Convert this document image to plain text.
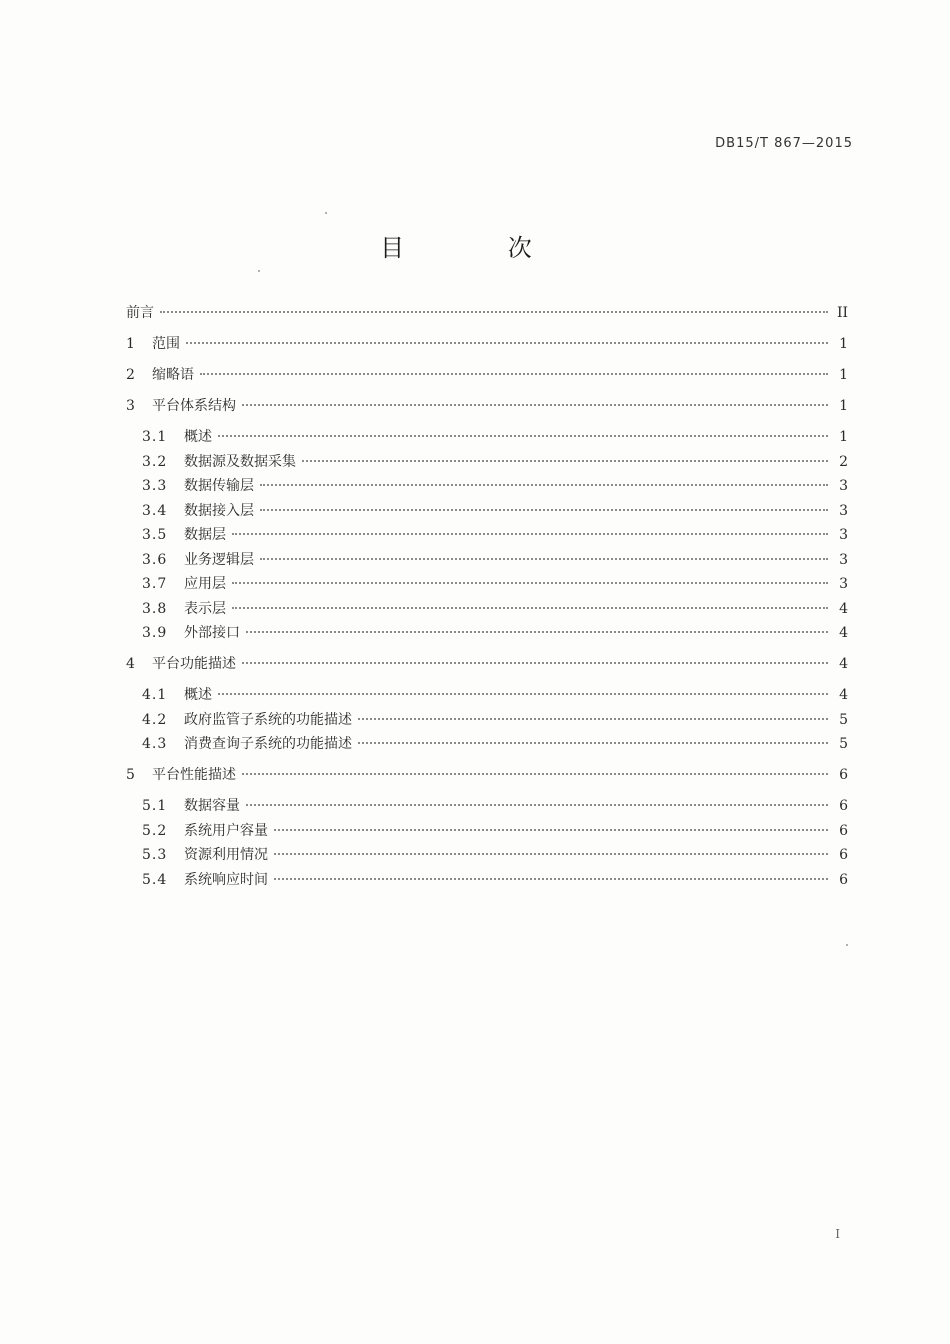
DB15/T 867—2015
目 次
前言	II
1	范围	1
2	缩略语	1
3	平台体系结构	1
3.1	概述	1
3.2	数据源及数据采集	2
3.3	数据传输层	3
3.4	数据接入层	3
3.5	数据层	3
3.6	业务逻辑层	3
3.7	应用层	3
3.8	表示层	4
3.9	外部接口	4
4	平台功能描述	4
4.1	概述	4
4.2	政府监管子系统的功能描述	5
4.3	消费查询子系统的功能描述	5
5	平台性能描述	6
5.1	数据容量	6
5.2	系统用户容量	6
5.3	资源利用情况	6
5.4	系统响应时间	6
I
